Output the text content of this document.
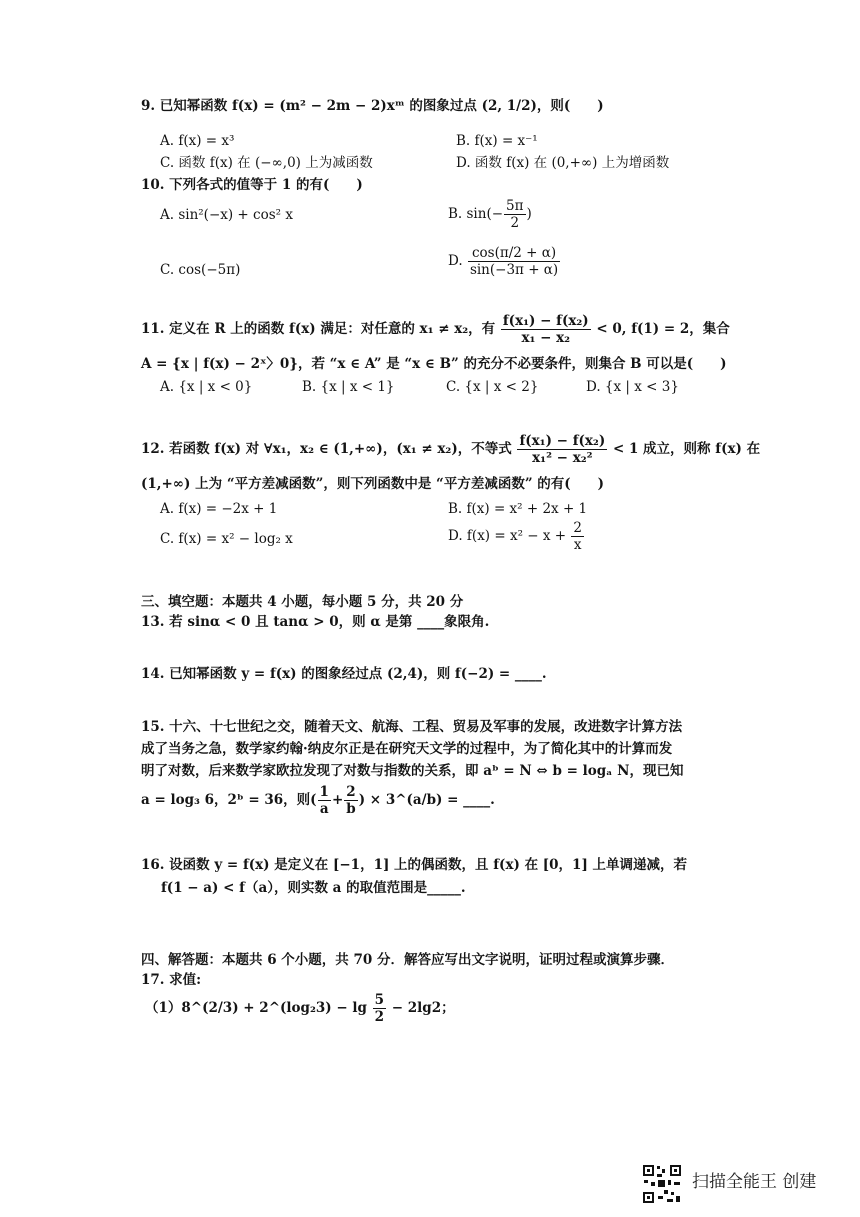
9. 已知幂函数 f(x) = (m² − 2m − 2)xᵐ 的图象过点 (2, 1/2)，则(　　)
A. f(x) = x³	B. f(x) = x⁻¹
C. 函数 f(x) 在 (−∞,0) 上为减函数	D. 函数 f(x) 在 (0,+∞) 上为增函数
10. 下列各式的值等于 1 的有(　　)
A. sin²(−x) + cos² x	B. $\sin(- \frac{5\pi}{2}$ )
C. cos(−5π)
D. $\frac{\cos(\pi/2 + \alpha)}{\sin(-3\pi + \alpha)}$
11. 定义在 R 上的函数 f(x) 满足：对任意的 x₁ ≠ x₂，有 $\frac{\text{f(x₁) − f(x₂)}}{\text{x₁ − x₂}} < 0$, f(1) = 2，集合
A = {x | f(x) − 2ˣ〉0}，若 “x ∈ A” 是 “x ∈ B” 的充分不必要条件，则集合 B 可以是(　　)
A. {x | x < 0}	B. {x | x < 1}	C. {x | x < 2}	D. {x | x < 3}
12. 若函数 f(x) 对 ∀x₁，x₂ ∈ (1,+∞)，(x₁ ≠ x₂)，不等式 $\frac{\text{f(x₁) − f(x₂)}}{\text{x₁² − x₂²}} < 1$ 成立，则称 f(x) 在
(1,+∞) 上为 “平方差减函数”，则下列函数中是 “平方差减函数” 的有(　　)
A. f(x) = −2x + 1	B. f(x) = x² + 2x + 1
C. f(x) = x² − log₂ x	D. $f(x) = x^2 - x + \frac{2}{x}$
三、填空题：本题共 4 小题，每小题 5 分，共 20 分
13. 若 sinα < 0 且 tanα > 0，则 α 是第 ____象限角.
14. 已知幂函数 y = f(x) 的图象经过点 (2,4)，则 f(−2) = ____.
15. 十六、十七世纪之交，随着天文、航海、工程、贸易及军事的发展，改进数字计算方法
成了当务之急，数学家约翰·纳皮尔正是在研究天文学的过程中，为了简化其中的计算而发
明了对数，后来数学家欧拉发现了对数与指数的关系，即 aᵇ = N ⇔ b = logₐ N，现已知
a = log₃ 6，2ᵇ = 36，则( $\frac{1}{a} + \frac{2}{b}$ ) × 3^(a/b) = ____.
16. 设函数 y = f(x) 是定义在 [−1，1] 上的偶函数，且 f(x) 在 [0，1] 上单调递减，若
f(1 − a) < f（a），则实数 a 的取值范围是_____.
四、解答题：本题共 6 个小题，共 70 分．解答应写出文字说明，证明过程或演算步骤．
17. 求值:
（1）8^(2/3) + 2^(log₂3) − $\lg \frac{5}{2} - 2\lg 2$；
扫描全能王 创建
